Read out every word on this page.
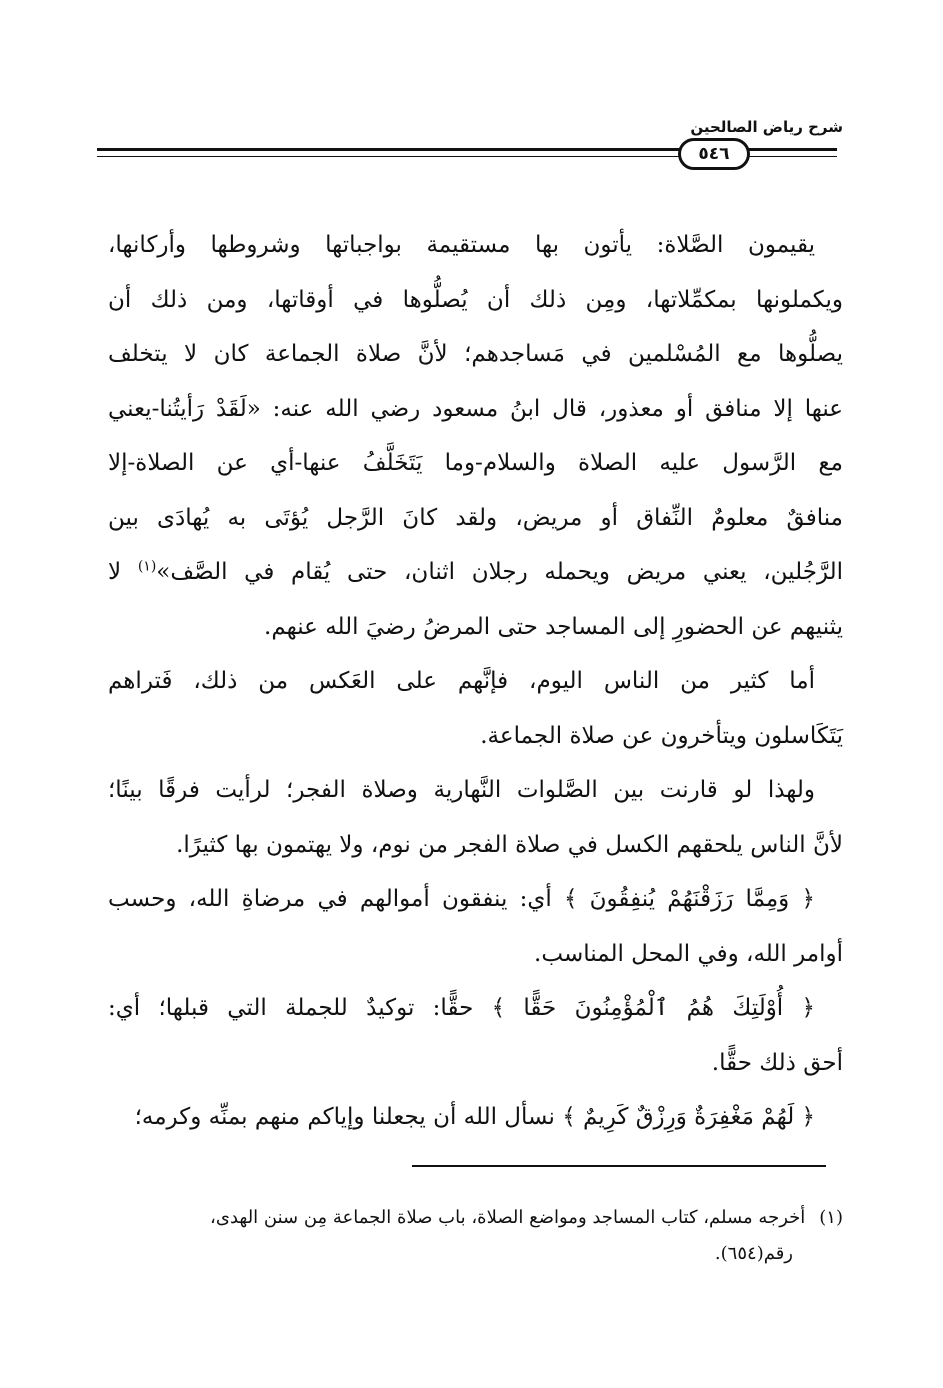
شرح رياض الصالحين
٥٤٦
يقيمون الصَّلاة: يأتون بها مستقيمة بواجباتها وشروطها وأركانها،
ويكملونها بمكمِّلاتها، ومِن ذلك أن يُصلُّوها في أوقاتها، ومن ذلك أن
يصلُّوها مع المُسْلمين في مَساجدهم؛ لأنَّ صلاة الجماعة كان لا يتخلف
عنها إلا منافق أو معذور، قال ابنُ مسعود رضي الله عنه: «لَقَدْ رَأيتُنا-يعني
مع الرَّسول عليه الصلاة والسلام-وما يَتَخَلَّفُ عنها-أي عن الصلاة-إلا
منافقٌ معلومٌ النِّفاق أو مريض، ولقد كانَ الرَّجل يُؤتَى به يُهادَى بين
الرَّجُلين، يعني مريض ويحمله رجلان اثنان، حتى يُقام في الصَّف»$^{(١)}$ لا
يثنيهم عن الحضورِ إلى المساجد حتى المرضُ رضيَ الله عنهم.
أما كثير من الناس اليوم، فإنَّهم على العَكس من ذلك، فَتراهم
يَتَكَاسلون ويتأخرون عن صلاة الجماعة.
ولهذا لو قارنت بين الصَّلوات النَّهارية وصلاة الفجر؛ لرأيت فرقًا بينًا؛
لأنَّ الناس يلحقهم الكسل في صلاة الفجر من نوم، ولا يهتمون بها كثيرًا.
﴿ وَمِمَّا رَزَقْنَهُمْ يُنفِقُونَ ﴾ أي: ينفقون أموالهم في مرضاةِ الله، وحسب
أوامر الله، وفي المحل المناسب.
﴿ أُوْلَتِكَ هُمُ ٱلْمُؤْمِنُونَ حَقًّا ﴾ حقًّا: توكيدٌ للجملة التي قبلها؛ أي:
أحق ذلك حقًّا.
﴿ لَهُمْ مَغْفِرَةٌ وَرِزْقٌ كَرِيمٌ ﴾ نسأل الله أن يجعلنا وإياكم منهم بمنِّه وكرمه؛
(١)أخرجه مسلم، كتاب المساجد ومواضع الصلاة، باب صلاة الجماعة مِن سنن الهدى،
رقم(٦٥٤).
